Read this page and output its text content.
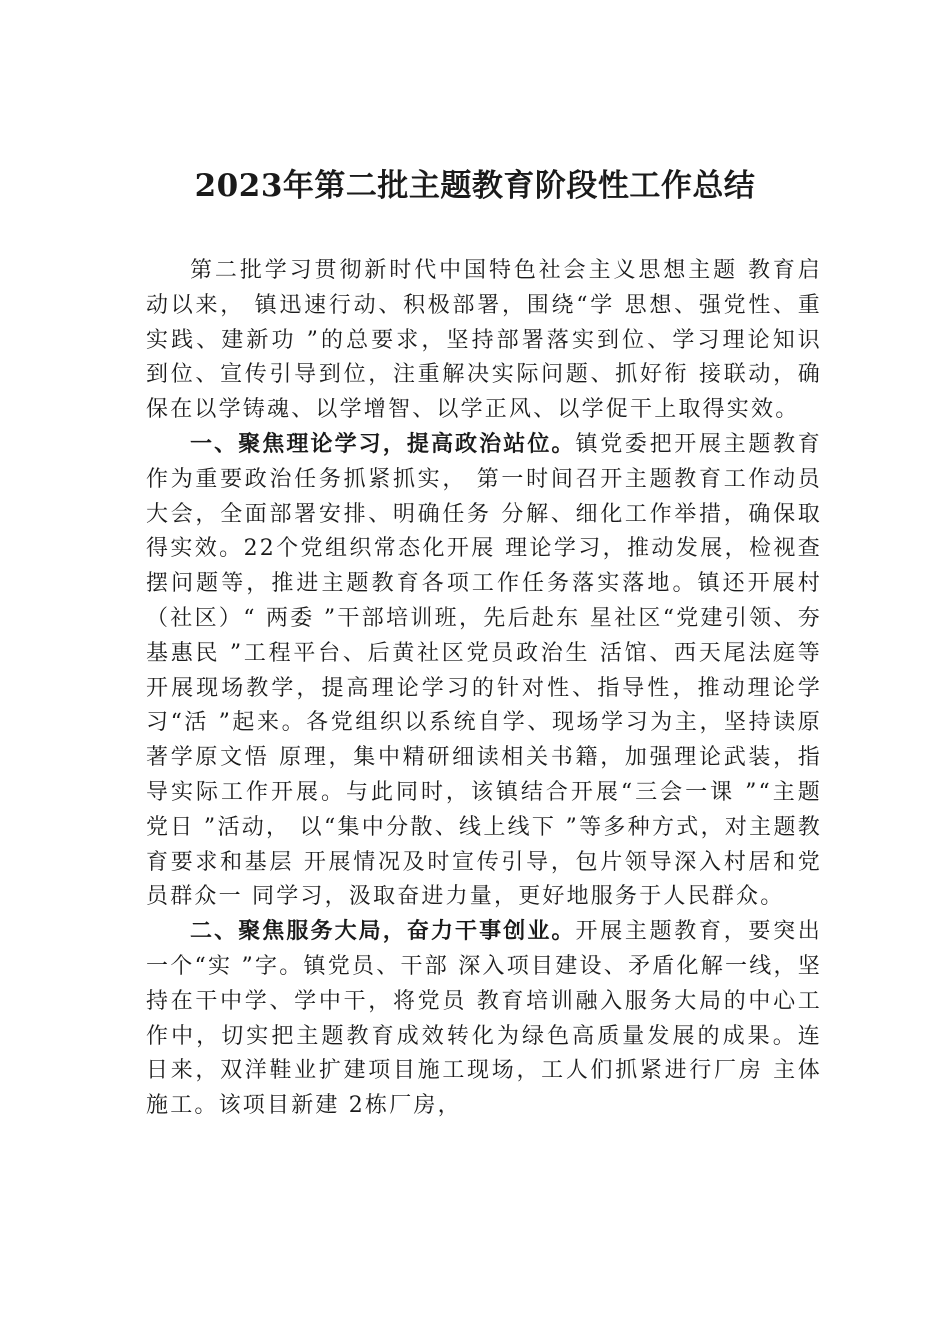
2023年第二批主题教育阶段性工作总结

第二批学习贯彻新时代中国特色社会主义思想主题 教育启动以来， 镇迅速行动、积极部署，围绕“学 思想、强党性、重实践、建新功 ”的总要求，坚持部署落实到位、学习理论知识到位、宣传引导到位，注重解决实际问题、抓好衔 接联动，确保在以学铸魂、以学增智、以学正风、以学促干上取得实效。

一、聚焦理论学习，提高政治站位。镇党委把开展主题教育作为重要政治任务抓紧抓实， 第一时间召开主题教育工作动员大会，全面部署安排、明确任务 分解、细化工作举措，确保取得实效。22个党组织常态化开展 理论学习，推动发展，检视查摆问题等，推进主题教育各项工作任务落实落地。镇还开展村（社区）“ 两委 ”干部培训班，先后赴东 星社区“党建引领、夯基惠民 ”工程平台、后黄社区党员政治生 活馆、西天尾法庭等开展现场教学，提高理论学习的针对性、指导性，推动理论学习“活 ”起来。各党组织以系统自学、现场学习为主，坚持读原著学原文悟 原理，集中精研细读相关书籍，加强理论武装，指导实际工作开展。与此同时，该镇结合开展“三会一课 ”“主题党日 ”活动， 以“集中分散、线上线下 ”等多种方式，对主题教育要求和基层 开展情况及时宣传引导，包片领导深入村居和党员群众一 同学习，汲取奋进力量，更好地服务于人民群众。

二、聚焦服务大局，奋力干事创业。开展主题教育，要突出一个“实 ”字。镇党员、干部 深入项目建设、矛盾化解一线，坚持在干中学、学中干，将党员 教育培训融入服务大局的中心工作中，切实把主题教育成效转化为绿色高质量发展的成果。连日来，双洋鞋业扩建项目施工现场，工人们抓紧进行厂房 主体施工。该项目新建 2栋厂房，
